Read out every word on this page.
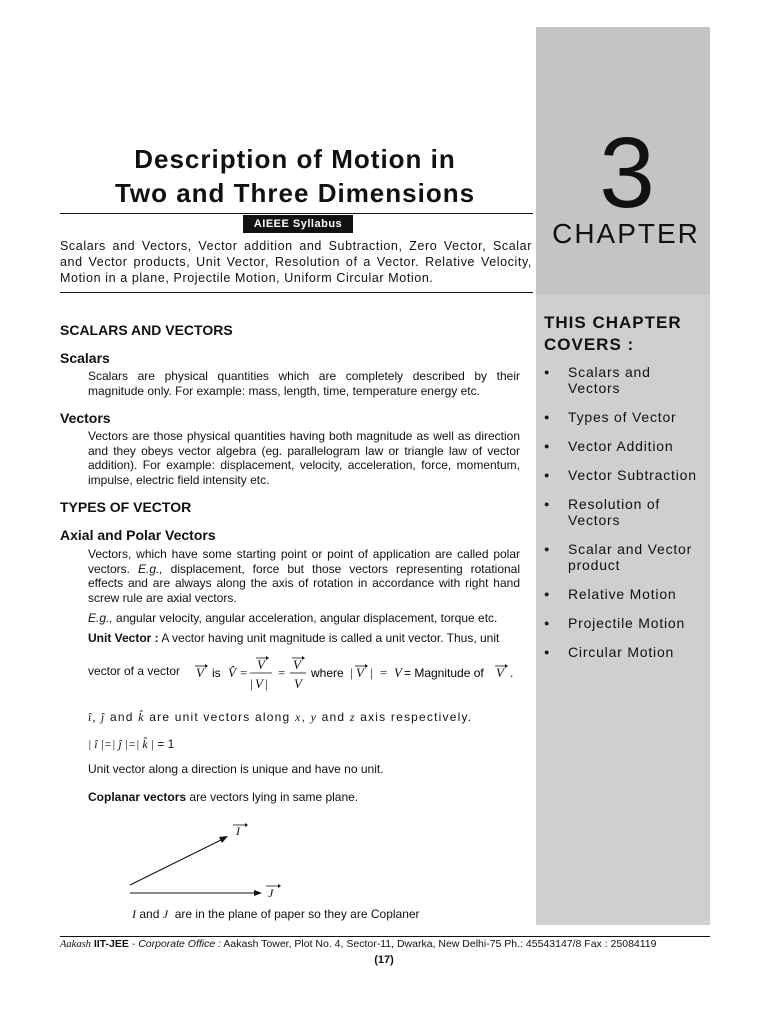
3
CHAPTER
THIS CHAPTER
COVERS :
● Scalars and Vectors
● Types of Vector
● Vector Addition
● Vector Subtraction
● Resolution of Vectors
● Scalar and Vector product
● Relative Motion
● Projectile Motion
● Circular Motion
Description of Motion in
Two and Three Dimensions
AIEEE Syllabus
Scalars and Vectors, Vector addition and Subtraction, Zero Vector, Scalar and Vector products, Unit Vector, Resolution of a Vector. Relative Velocity, Motion in a plane, Projectile Motion, Uniform Circular Motion.
SCALARS AND VECTORS
Scalars
Scalars are physical quantities which are completely described by their magnitude only. For example: mass, length, time, temperature energy etc.
Vectors
Vectors are those physical quantities having both magnitude as well as direction and they obeys vector algebra (eg. parallelogram law or triangle law of vector addition). For example: displacement, velocity, acceleration, force, momentum, impulse, electric field intensity etc.
TYPES OF VECTOR
Axial and Polar Vectors
Vectors, which have some starting point or point of application are called polar vectors. E.g., displacement, force but those vectors representing rotational effects and are always along the axis of rotation in accordance with right hand screw rule are axial vectors.
E.g., angular velocity, angular acceleration, angular displacement, torque etc.
Unit Vector : A vector having unit magnitude is called a unit vector. Thus, unit
vector of a vector V is V̂ =
V
| V |
=
V
V
where | V | = V = Magnitude of V .
î, ĵ and k̂ are unit vectors along x, y and z axis respectively.
| î |=| ĵ |=| k̂ | = 1
Unit vector along a direction is unique and have no unit.
Coplanar vectors are vectors lying in same plane.
I
J
I and J are in the plane of paper so they are Coplaner
Aakash IIT-JEE - Corporate Office : Aakash Tower, Plot No. 4, Sector-11, Dwarka, New Delhi-75 Ph.: 45543147/8 Fax : 25084119
(17)
